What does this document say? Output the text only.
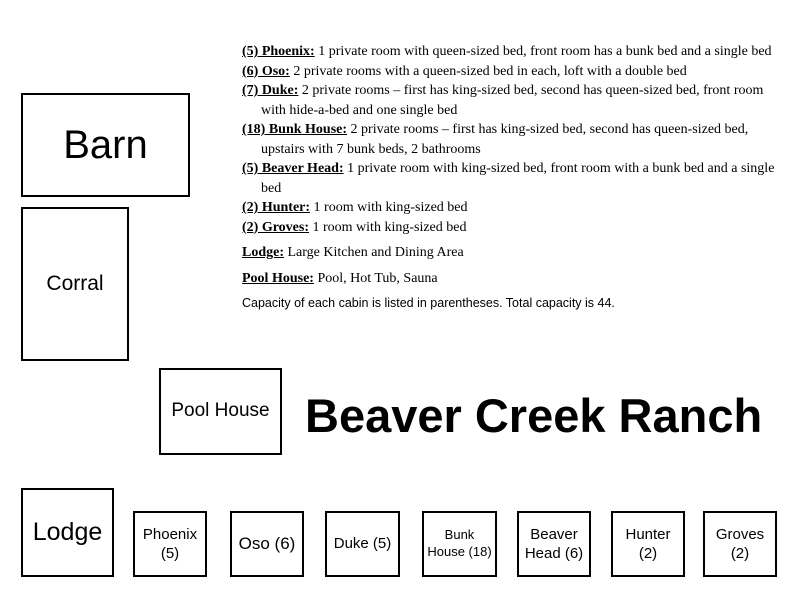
(5) Phoenix: 1 private room with queen-sized bed, front room has a bunk bed and a single bed

(6) Oso: 2 private rooms with a queen-sized bed in each, loft with a double bed

(7) Duke: 2 private rooms – first has king-sized bed, second has queen-sized bed, front room with hide-a-bed and one single bed

(18) Bunk House: 2 private rooms – first has king-sized bed, second has queen-sized bed, upstairs with 7 bunk beds, 2 bathrooms

(5) Beaver Head: 1 private room with king-sized bed, front room with a bunk bed and a single bed

(2) Hunter: 1 room with king-sized bed

(2) Groves: 1 room with king-sized bed

Lodge: Large Kitchen and Dining Area

Pool House: Pool, Hot Tub, Sauna

Capacity of each cabin is listed in parentheses. Total capacity is 44.

Barn
Corral
Pool House
Lodge
Beaver Creek Ranch
Phoenix
(5)
Oso (6)	Duke (5)
Bunk
House (18)
Beaver
Head (6)
Hunter
(2)
Groves
(2)
